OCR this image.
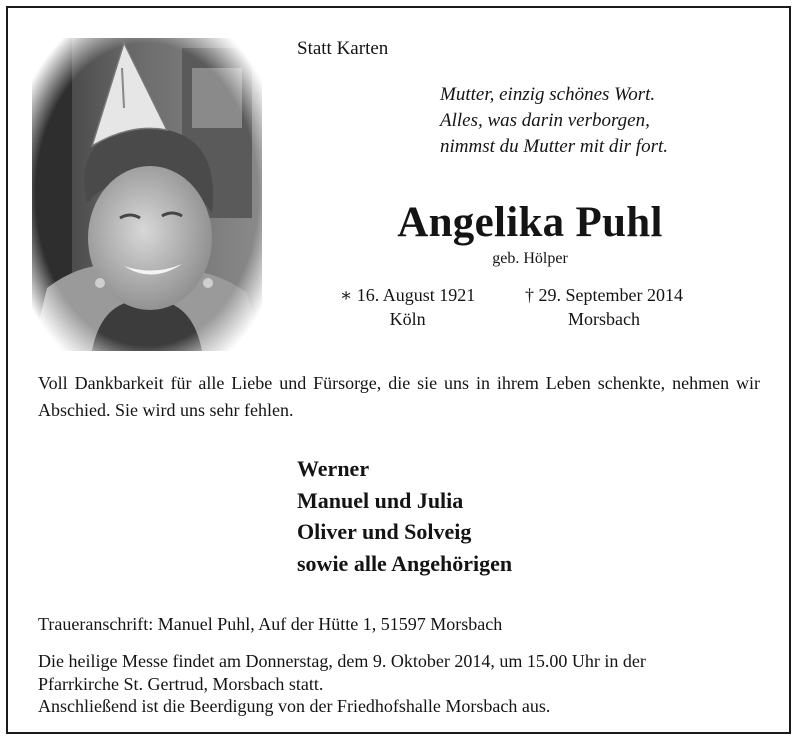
Statt Karten
Mutter, einzig schönes Wort.
Alles, was darin verborgen,
nimmst du Mutter mit dir fort.
Angelika Puhl
geb. Hölper
∗ 16. August 1921
Köln
† 29. September 2014
Morsbach
Voll Dankbarkeit für alle Liebe und Fürsorge, die sie uns in ihrem Leben schenkte, nehmen wir Abschied. Sie wird uns sehr fehlen.
Werner
Manuel und Julia
Oliver und Solveig
sowie alle Angehörigen
Traueranschrift: Manuel Puhl, Auf der Hütte 1, 51597 Morsbach
Die heilige Messe findet am Donnerstag, dem 9. Oktober 2014, um 15.00 Uhr in der
Pfarrkirche St. Gertrud, Morsbach statt.
Anschließend ist die Beerdigung von der Friedhofshalle Morsbach aus.
